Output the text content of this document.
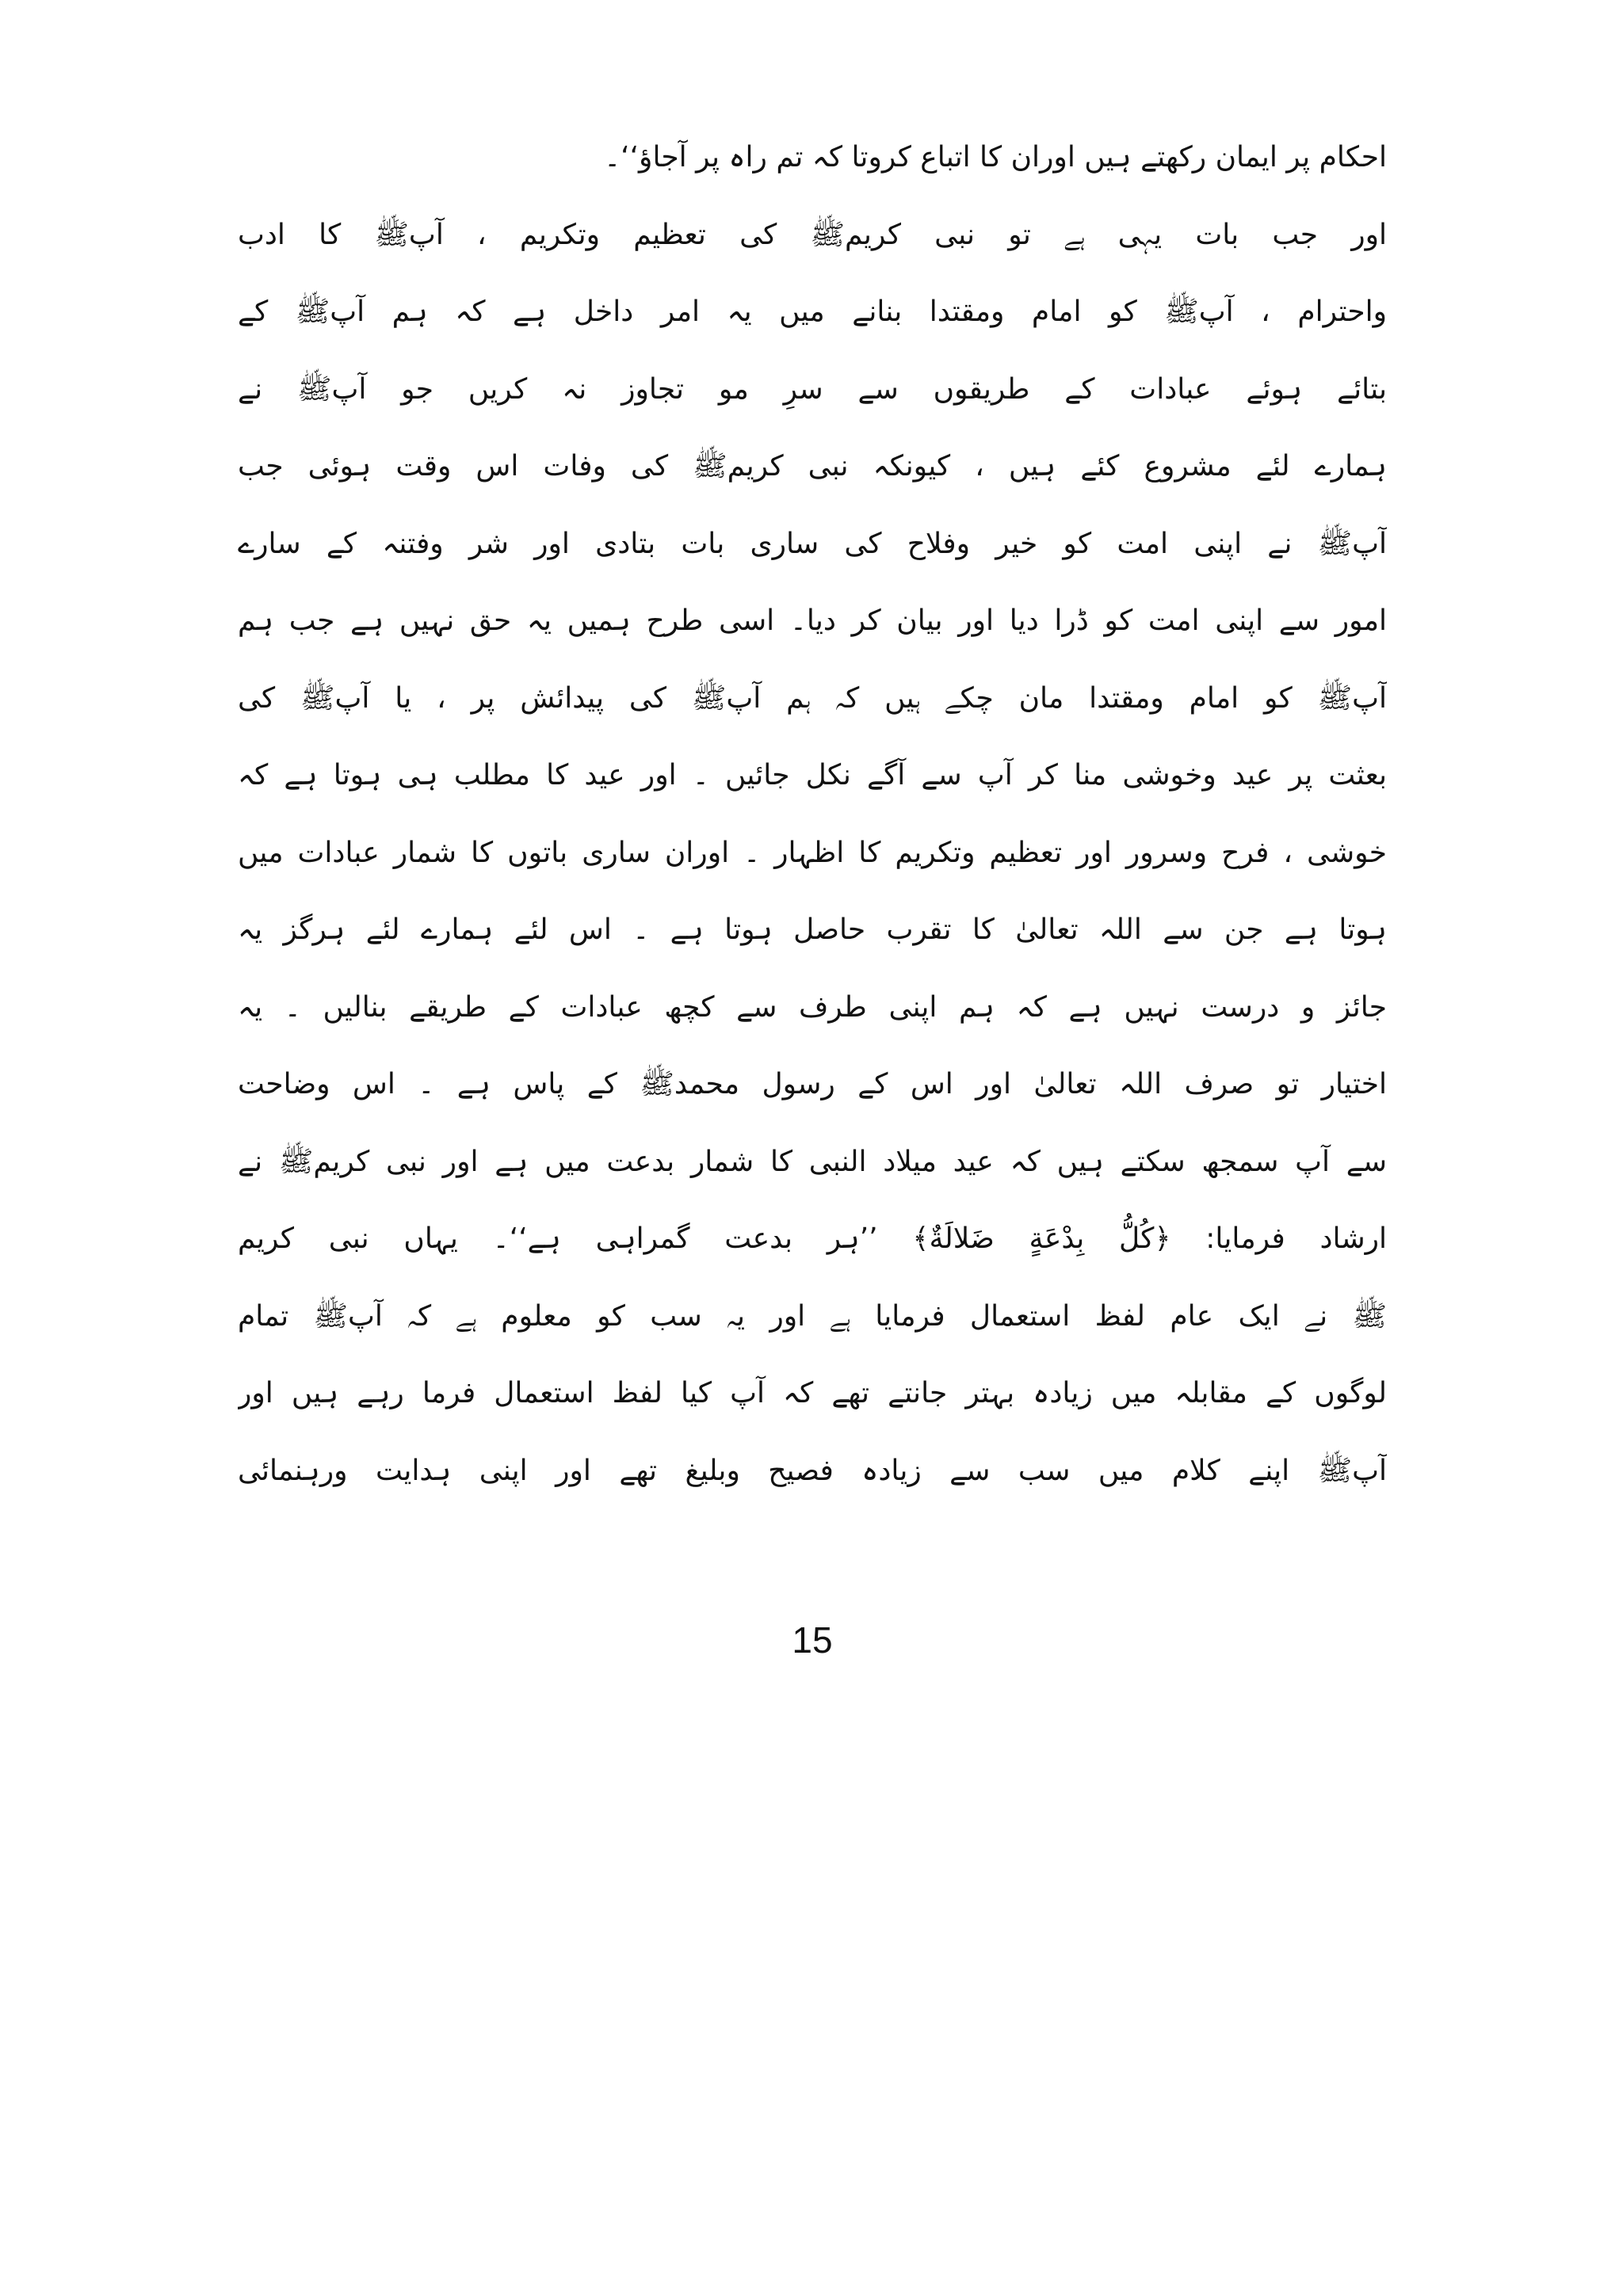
احکام پر ایمان رکھتے ہیں اوران کا اتباع کروتا کہ تم راہ پر آجاؤ‘‘۔
اور جب بات یہی ہے تو نبی کریمﷺ کی تعظیم وتکریم ، آپﷺ کا ادب
واحترام ، آپﷺ کو امام ومقتدا بنانے میں یہ امر داخل ہے کہ ہم آپﷺ کے
بتائے ہوئے عبادات کے طریقوں سے سرِ مو تجاوز نہ کریں جو آپﷺ نے
ہمارے لئے مشروع کئے ہیں ، کیونکہ نبی کریمﷺ کی وفات اس وقت ہوئی جب
آپﷺ نے اپنی امت کو خیر وفلاح کی ساری بات بتادی اور شر وفتنہ کے سارے
امور سے اپنی امت کو ڈرا دیا اور بیان کر دیا۔ اسی طرح ہمیں یہ حق نہیں ہے جب ہم
آپﷺ کو امام ومقتدا مان چکے ہیں کہ ہم آپﷺ کی پیدائش پر ، یا آپﷺ کی
بعثت پر عید وخوشی منا کر آپ سے آگے نکل جائیں ۔ اور عید کا مطلب ہی ہوتا ہے کہ
خوشی ، فرح وسرور اور تعظیم وتکریم کا اظہار ۔ اوران ساری باتوں کا شمار عبادات میں
ہوتا ہے جن سے اللہ تعالیٰ کا تقرب حاصل ہوتا ہے ۔ اس لئے ہمارے لئے ہرگز یہ
جائز و درست نہیں ہے کہ ہم اپنی طرف سے کچھ عبادات کے طریقے بنالیں ۔ یہ
اختیار تو صرف اللہ تعالیٰ اور اس کے رسول محمدﷺ کے پاس ہے ۔ اس وضاحت
سے آپ سمجھ سکتے ہیں کہ عید میلاد النبی کا شمار بدعت میں ہے اور نبی کریمﷺ نے
ارشاد فرمایا: ﴿كُلُّ بِدْعَةٍ ضَلالَةٌ﴾ ’’ہر بدعت گمراہی ہے‘‘۔ یہاں نبی کریم
ﷺ نے ایک عام لفظ استعمال فرمایا ہے اور یہ سب کو معلوم ہے کہ آپﷺ تمام
لوگوں کے مقابلہ میں زیادہ بہتر جانتے تھے کہ آپ کیا لفظ استعمال فرما رہے ہیں اور
آپﷺ اپنے کلام میں سب سے زیادہ فصیح وبلیغ تھے اور اپنی ہدایت ورہنمائی
15
